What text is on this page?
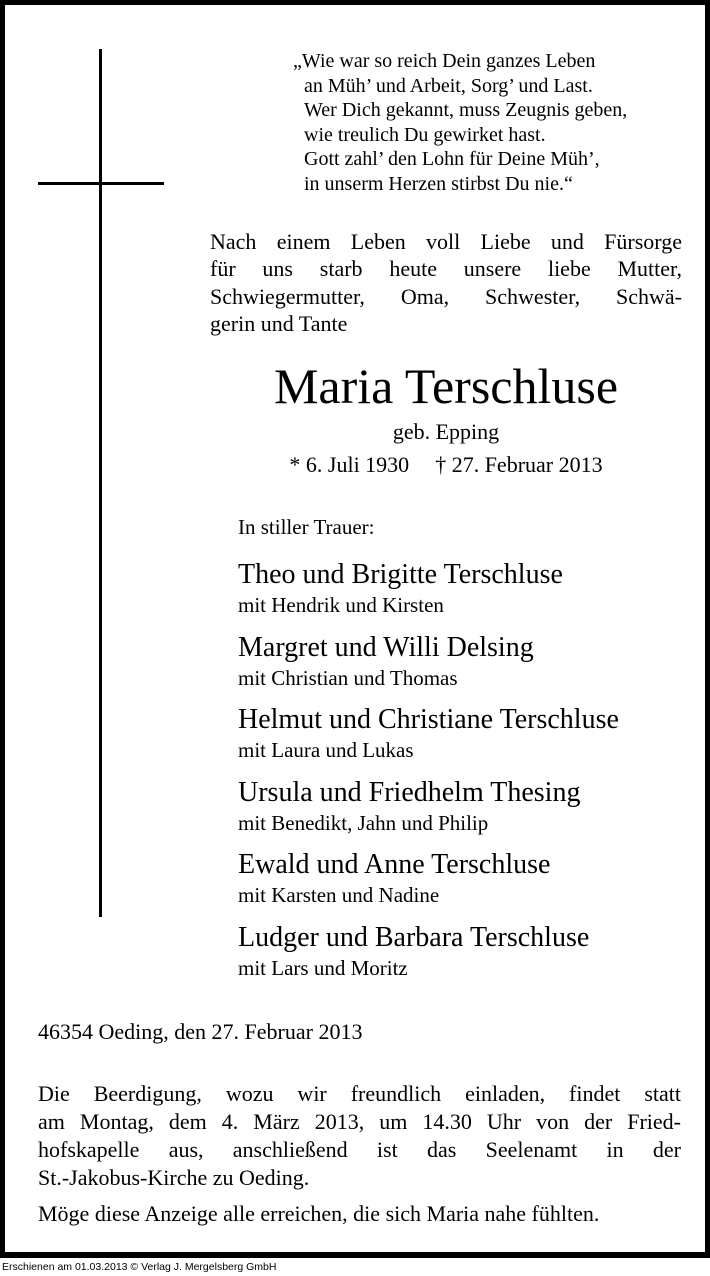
„Wie war so reich Dein ganzes Leben
an Müh’ und Arbeit, Sorg’ und Last.
Wer Dich gekannt, muss Zeugnis geben,
wie treulich Du gewirket hast.
Gott zahl’ den Lohn für Deine Müh’,
in unserm Herzen stirbst Du nie.“
Nach einem Leben voll Liebe und Fürsorge
für uns starb heute unsere liebe Mutter,
Schwiegermutter, Oma, Schwester, Schwä-
gerin und Tante
Maria Terschluse
geb. Epping
* 6. Juli 1930 † 27. Februar 2013
In stiller Trauer:
Theo und Brigitte Terschluse
mit Hendrik und Kirsten
Margret und Willi Delsing
mit Christian und Thomas
Helmut und Christiane Terschluse
mit Laura und Lukas
Ursula und Friedhelm Thesing
mit Benedikt, Jahn und Philip
Ewald und Anne Terschluse
mit Karsten und Nadine
Ludger und Barbara Terschluse
mit Lars und Moritz
46354 Oeding, den 27. Februar 2013
Die Beerdigung, wozu wir freundlich einladen, findet statt
am Montag, dem 4. März 2013, um 14.30 Uhr von der Fried-
hofskapelle aus, anschließend ist das Seelenamt in der
St.-Jakobus-Kirche zu Oeding.
Möge diese Anzeige alle erreichen, die sich Maria nahe fühlten.
Erschienen am 01.03.2013 © Verlag J. Mergelsberg GmbH
